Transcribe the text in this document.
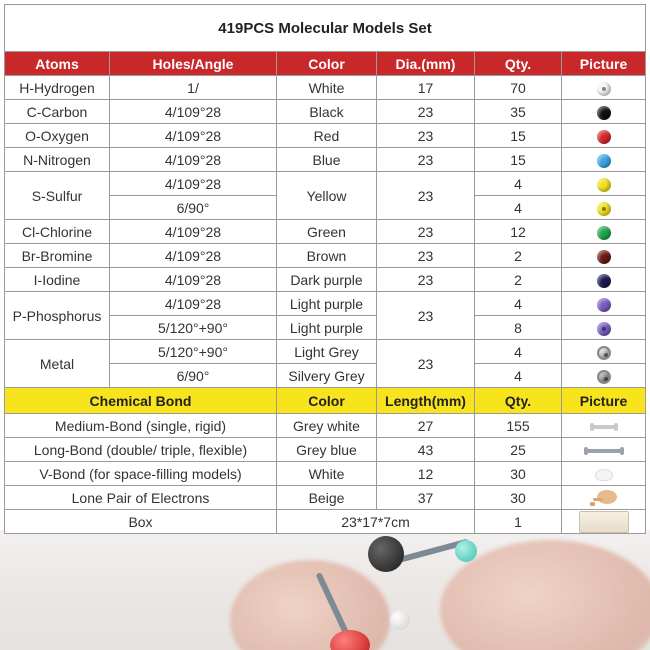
419PCS Molecular Models Set					
Atoms	Holes/Angle	Color	Dia.(mm)	Qty.	Picture
H-Hydrogen	1/	White	17	70	
C-Carbon	4/109°28	Black	23	35	
O-Oxygen	4/109°28	Red	23	15	
N-Nitrogen	4/109°28	Blue	23	15	
S-Sulfur	4/109°28	Yellow	23	4	
	6/90°			4	
Cl-Chlorine	4/109°28	Green	23	12	
Br-Bromine	4/109°28	Brown	23	2	
I-Iodine	4/109°28	Dark purple	23	2	
P-Phosphorus	4/109°28	Light purple	23	4	
	5/120°+90°	Light purple		8	
Metal	5/120°+90°	Light Grey	23	4	
	6/90°	Silvery Grey		4	
Chemical Bond		Color	Length(mm)	Qty.	Picture
Medium-Bond (single, rigid)		Grey white	27	155	
Long-Bond (double/ triple, flexible)		Grey blue	43	25	
V-Bond (for space-filling models)		White	12	30	
Lone Pair of Electrons		Beige	37	30	
Box		23*17*7cm		1	
